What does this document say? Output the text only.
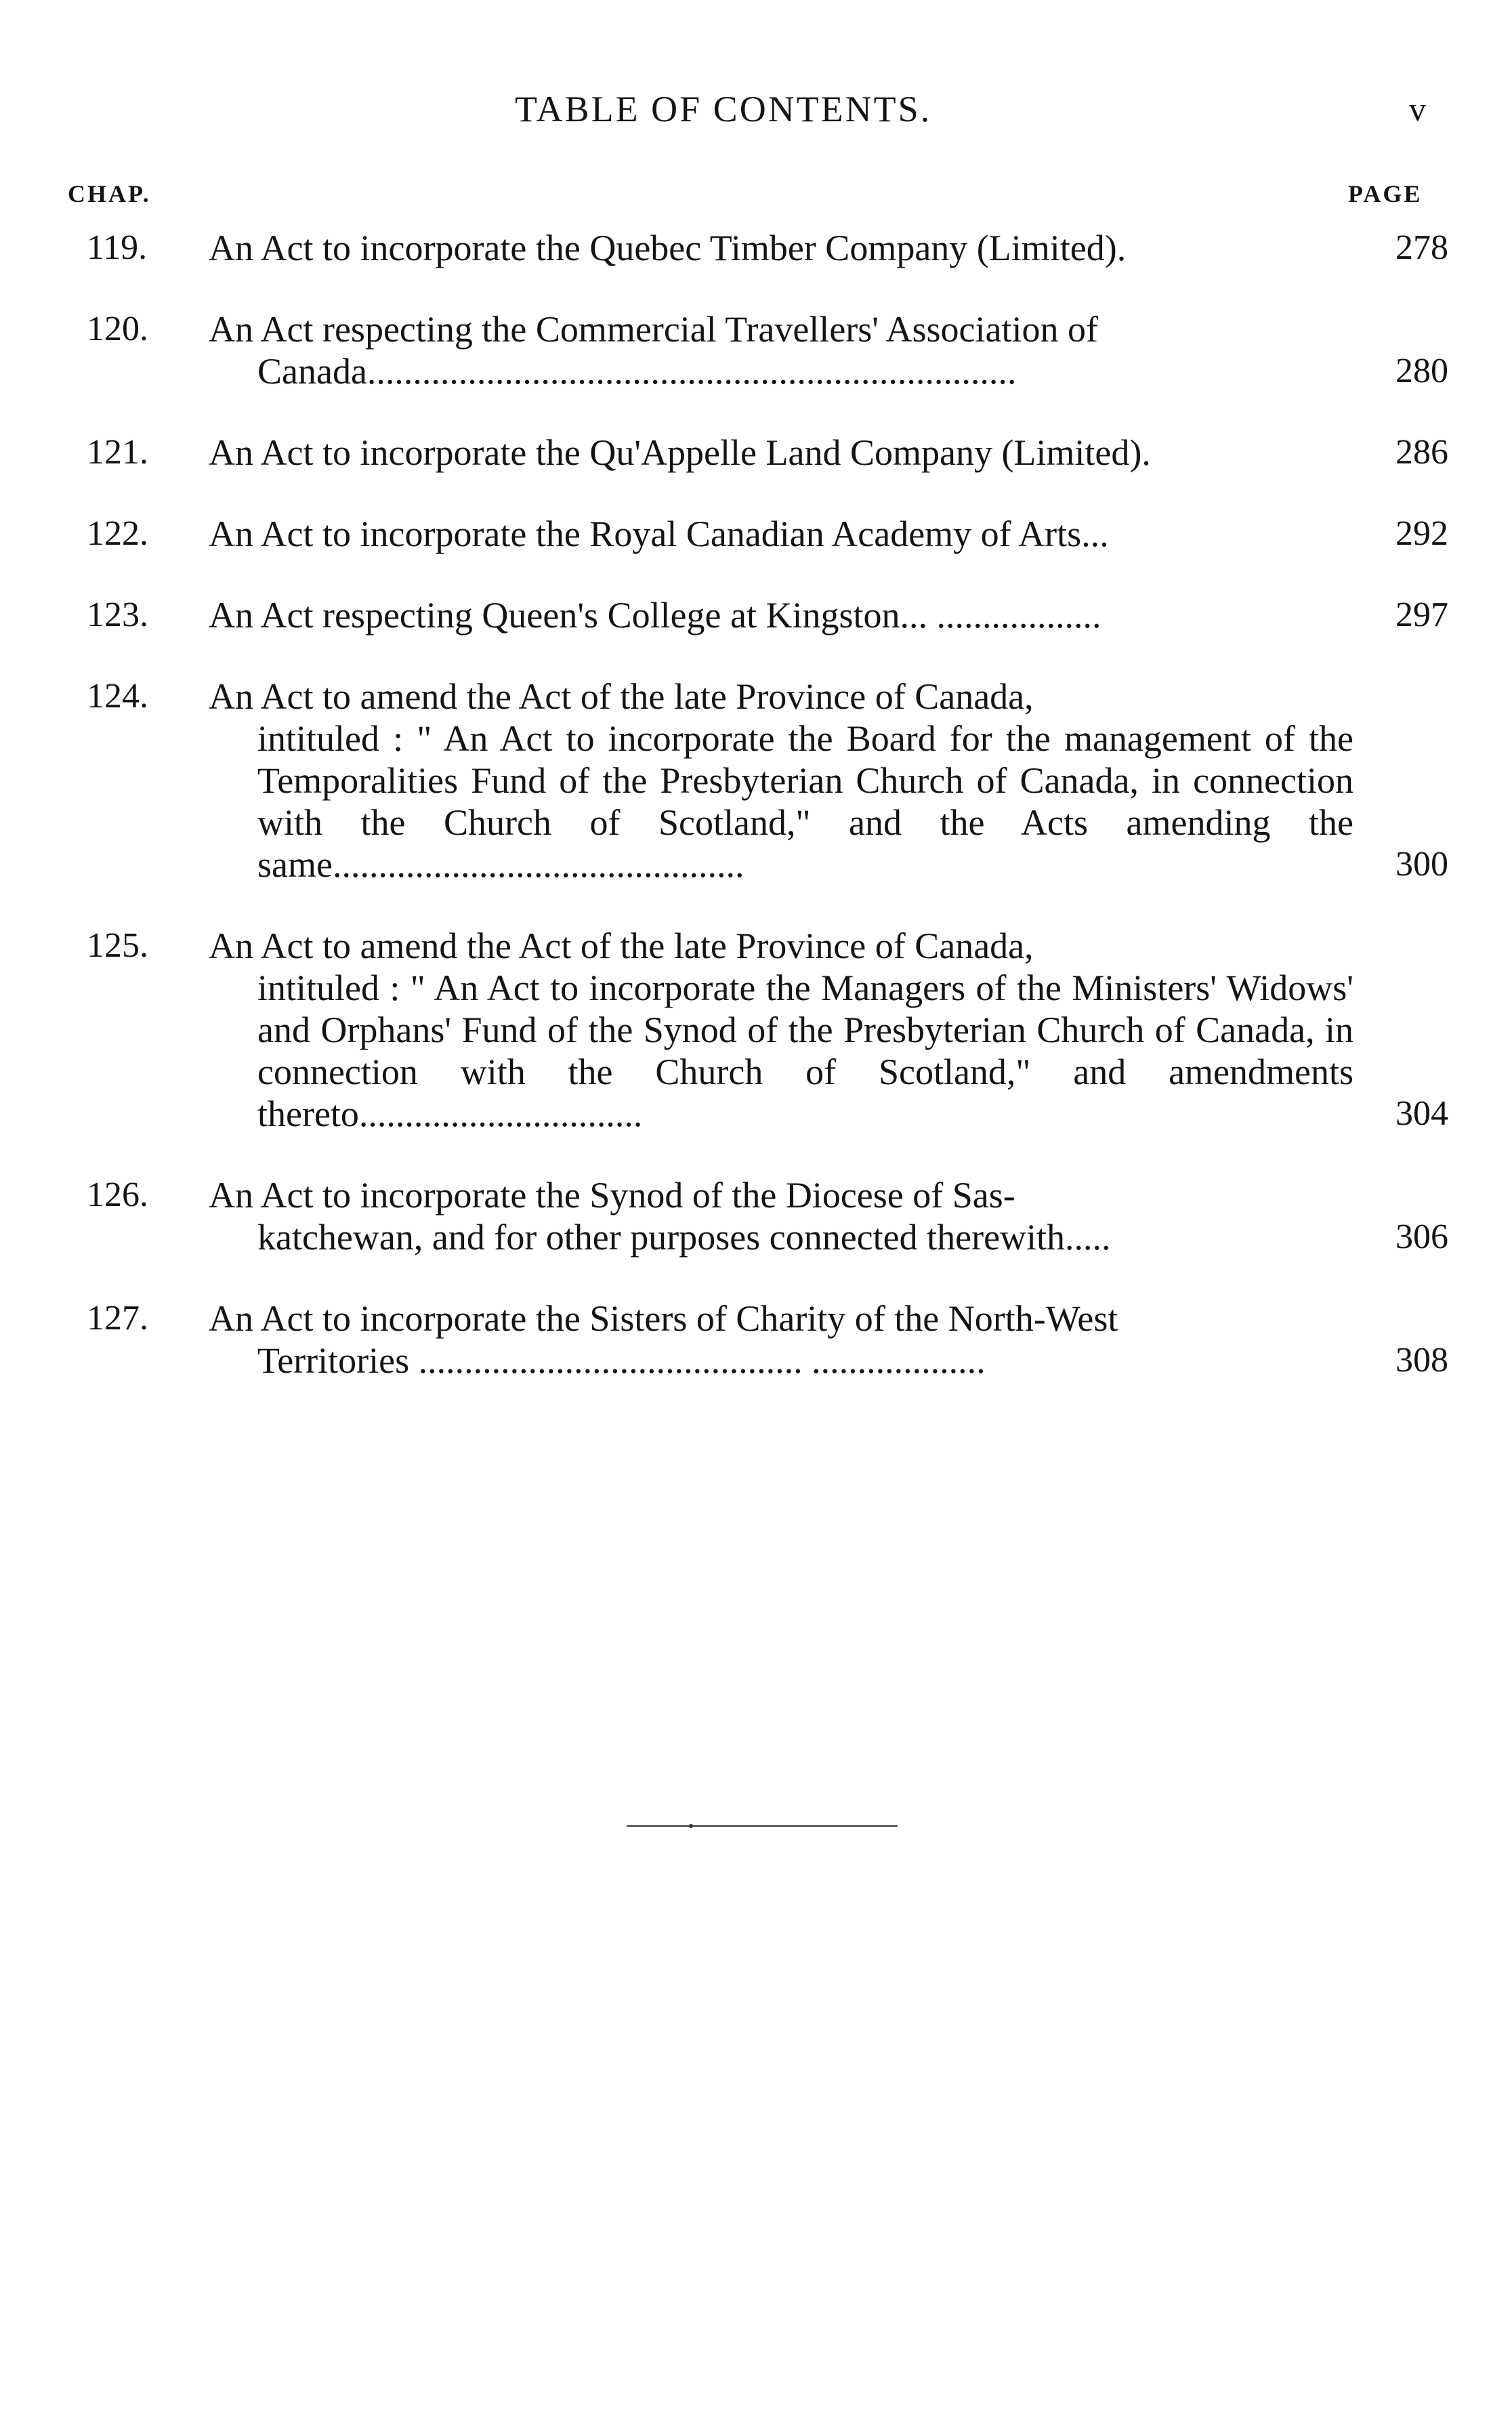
TABLE OF CONTENTS.	v
CHAP.	PAGE
119.	An Act to incorporate the Quebec Timber Company (Limited).	278
120.	An Act respecting the Commercial Travellers' Association of
Canada.......................................................................	280
121.	An Act to incorporate the Qu'Appelle Land Company (Limited).	286
122.	An Act to incorporate the Royal Canadian Academy of Arts...	292
123.	An Act respecting Queen's College at Kingston... ..................	297
124.	An Act to amend the Act of the late Province of Canada,
intituled : " An Act to incorporate the Board for the management of the Temporalities Fund of the Presbyterian Church of Canada, in connection with the Church of Scotland," and the Acts amending the same.............................................	300
125.	An Act to amend the Act of the late Province of Canada,
intituled : " An Act to incorporate the Managers of the Ministers' Widows' and Orphans' Fund of the Synod of the Presbyterian Church of Canada, in connection with the Church of Scotland," and amendments thereto...............................	304
126.	An Act to incorporate the Synod of the Diocese of Sas-
katchewan, and for other purposes connected therewith.....	306
127.	An Act to incorporate the Sisters of Charity of the North-West
Territories .......................................... ...................	308
